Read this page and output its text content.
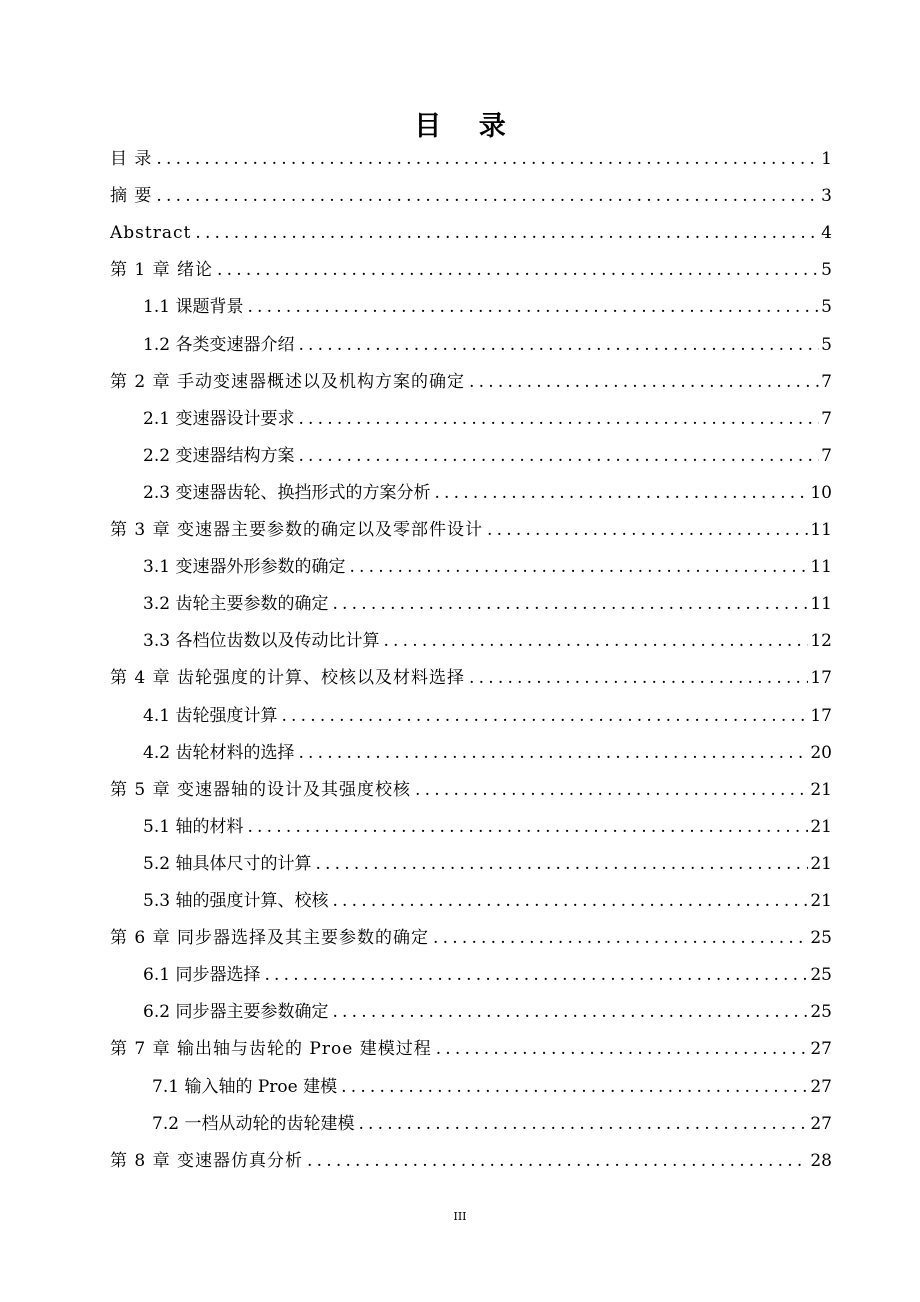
目 录
目 录 .....	1
摘 要 .....	3
Abstract .....	4
第 1 章 绪论 .....	5
1.1 课题背景 .....	5
1.2 各类变速器介绍 .....	5
第 2 章 手动变速器概述以及机构方案的确定 .....	7
2.1 变速器设计要求 .....	7
2.2 变速器结构方案 .....	7
2.3 变速器齿轮、换挡形式的方案分析 .....	10
第 3 章 变速器主要参数的确定以及零部件设计 .....	11
3.1 变速器外形参数的确定 .....	11
3.2 齿轮主要参数的确定 .....	11
3.3 各档位齿数以及传动比计算 .....	12
第 4 章 齿轮强度的计算、校核以及材料选择 .....	17
4.1 齿轮强度计算 .....	17
4.2 齿轮材料的选择 .....	20
第 5 章 变速器轴的设计及其强度校核 .....	21
5.1 轴的材料 .....	21
5.2 轴具体尺寸的计算 .....	21
5.3 轴的强度计算、校核 .....	21
第 6 章 同步器选择及其主要参数的确定 .....	25
6.1 同步器选择 .....	25
6.2 同步器主要参数确定 .....	25
第 7 章 输出轴与齿轮的 Proe 建模过程 .....	27
7.1 输入轴的 Proe 建模 .....	27
7.2 一档从动轮的齿轮建模 .....	27
第 8 章 变速器仿真分析 .....	28
III
